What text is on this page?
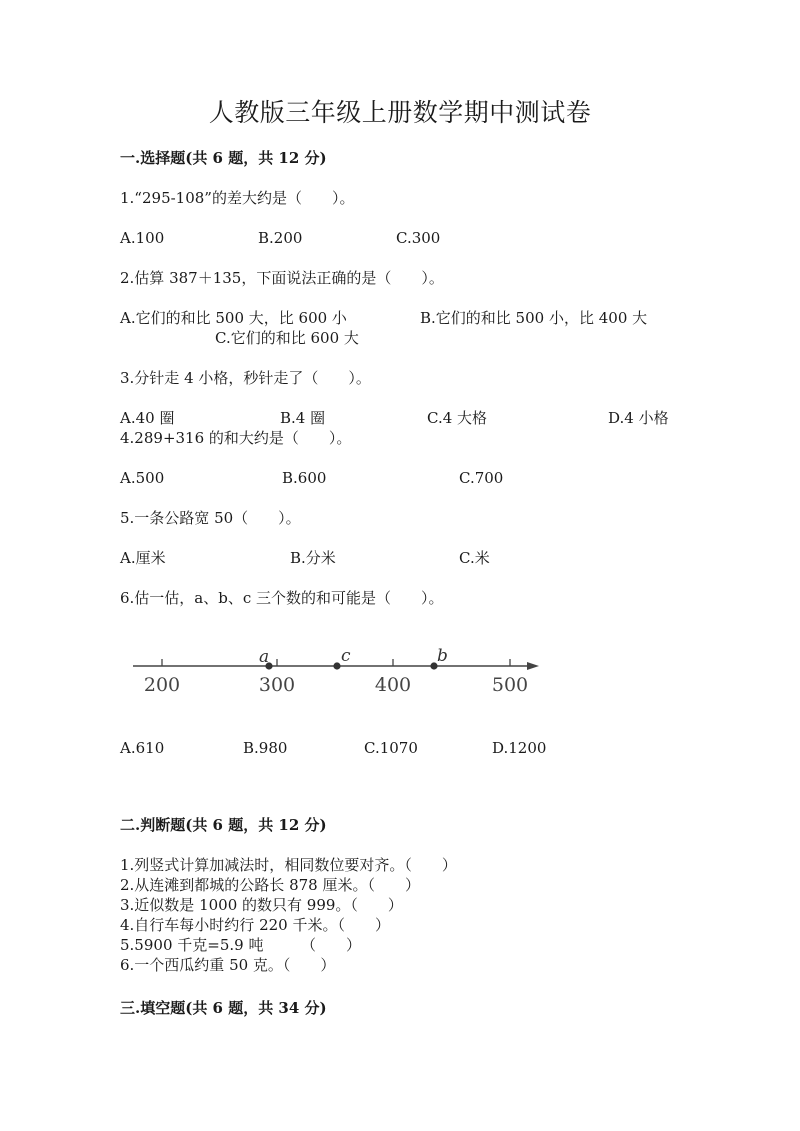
人教版三年级上册数学期中测试卷
一.选择题(共 6 题，共 12 分)
1.“295-108”的差大约是（　　）。
A.100	B.200	C.300
2.估算 387＋135，下面说法正确的是（　　）。
A.它们的和比 500 大，比 600 小	B.它们的和比 500 小，比 400 大
C.它们的和比 600 大
3.分针走 4 小格，秒针走了（　　）。
A.40 圈	B.4 圈	C.4 大格	D.4 小格
4.289+316 的和大约是（　　）。
A.500	B.600	C.700
5.一条公路宽 50（　　）。
A.厘米	B.分米	C.米
6.估一估，a、b、c 三个数的和可能是（　　）。
a	c	b
200	300	400	500
A.610	B.980	C.1070	D.1200
二.判断题(共 6 题，共 12 分)
1.列竖式计算加减法时，相同数位要对齐。（　　）
2.从连滩到都城的公路长 878 厘米。（　　）
3.近似数是 1000 的数只有 999。（　　）
4.自行车每小时约行 220 千米。（　　）
5.5900 千克=5.9 吨　　　（　　）
6.一个西瓜约重 50 克。（　　）
三.填空题(共 6 题，共 34 分)
